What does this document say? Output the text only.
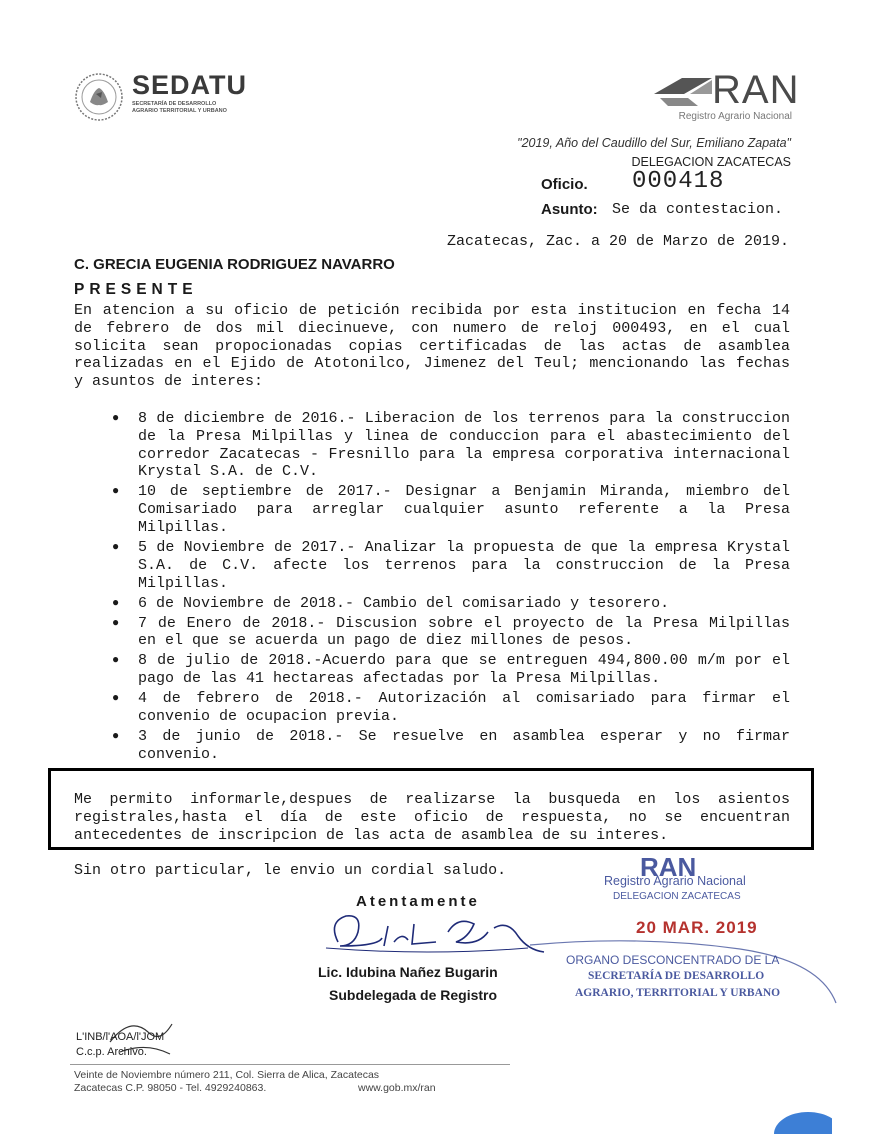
SEDATU
SECRETARÍA DE DESARROLLO AGRARIO TERRITORIAL Y URBANO	RAN
Registro Agrario Nacional
"2019, Año del Caudillo del Sur, Emiliano Zapata"
DELEGACION ZACATECAS
Oficio. 000418
Asunto: Se da contestacion.
Zacatecas, Zac. a 20 de Marzo de 2019.
C. GRECIA EUGENIA RODRIGUEZ NAVARRO
PRESENTE
En atencion a su oficio de petición recibida por esta institucion en fecha 14 de febrero de dos mil diecinueve, con numero de reloj 000493, en el cual solicita sean propocionadas copias certificadas de las actas de asamblea realizadas en el Ejido de Atotonilco, Jimenez del Teul; mencionando las fechas y asuntos de interes:
● 8 de diciembre de 2016.- Liberacion de los terrenos para la construccion de la Presa Milpillas y linea de conduccion para el abastecimiento del corredor Zacatecas - Fresnillo para la empresa corporativa internacional Krystal S.A. de C.V.
● 10 de septiembre de 2017.- Designar a Benjamin Miranda, miembro del Comisariado para arreglar cualquier asunto referente a la Presa Milpillas.
● 5 de Noviembre de 2017.- Analizar la propuesta de que la empresa Krystal S.A. de C.V. afecte los terrenos para la construccion de la Presa Milpillas.
● 6 de Noviembre de 2018.- Cambio del comisariado y tesorero.
● 7 de Enero de 2018.- Discusion sobre el proyecto de la Presa Milpillas en el que se acuerda un pago de diez millones de pesos.
● 8 de julio de 2018.-Acuerdo para que se entreguen 494,800.00 m/m por el pago de las 41 hectareas afectadas por la Presa Milpillas.
● 4 de febrero de 2018.- Autorización al comisariado para firmar el convenio de ocupacion previa.
● 3 de junio de 2018.- Se resuelve en asamblea esperar y no firmar convenio.
Me permito informarle,despues de realizarse la busqueda en los asientos registrales,hasta el día de este oficio de respuesta, no se encuentran antecedentes de inscripcion de las acta de asamblea de su interes.
Sin otro particular, le envio un cordial saludo.	RAN
Registro Agrario Nacional
DELEGACION ZACATECAS
20 MAR. 2019
ORGANO DESCONCENTRADO DE LA
SECRETARÍA DE DESARROLLO
AGRARIO, TERRITORIAL Y URBANO
Atentamente
Lic. Idubina Nañez Bugarin
Subdelegada de Registro
L'INB/l'AOA/l'JOM
C.c.p. Archivo.
Veinte de Noviembre número 211, Col. Sierra de Alica, Zacatecas
Zacatecas C.P. 98050 - Tel. 4929240863.	www.gob.mx/ran
